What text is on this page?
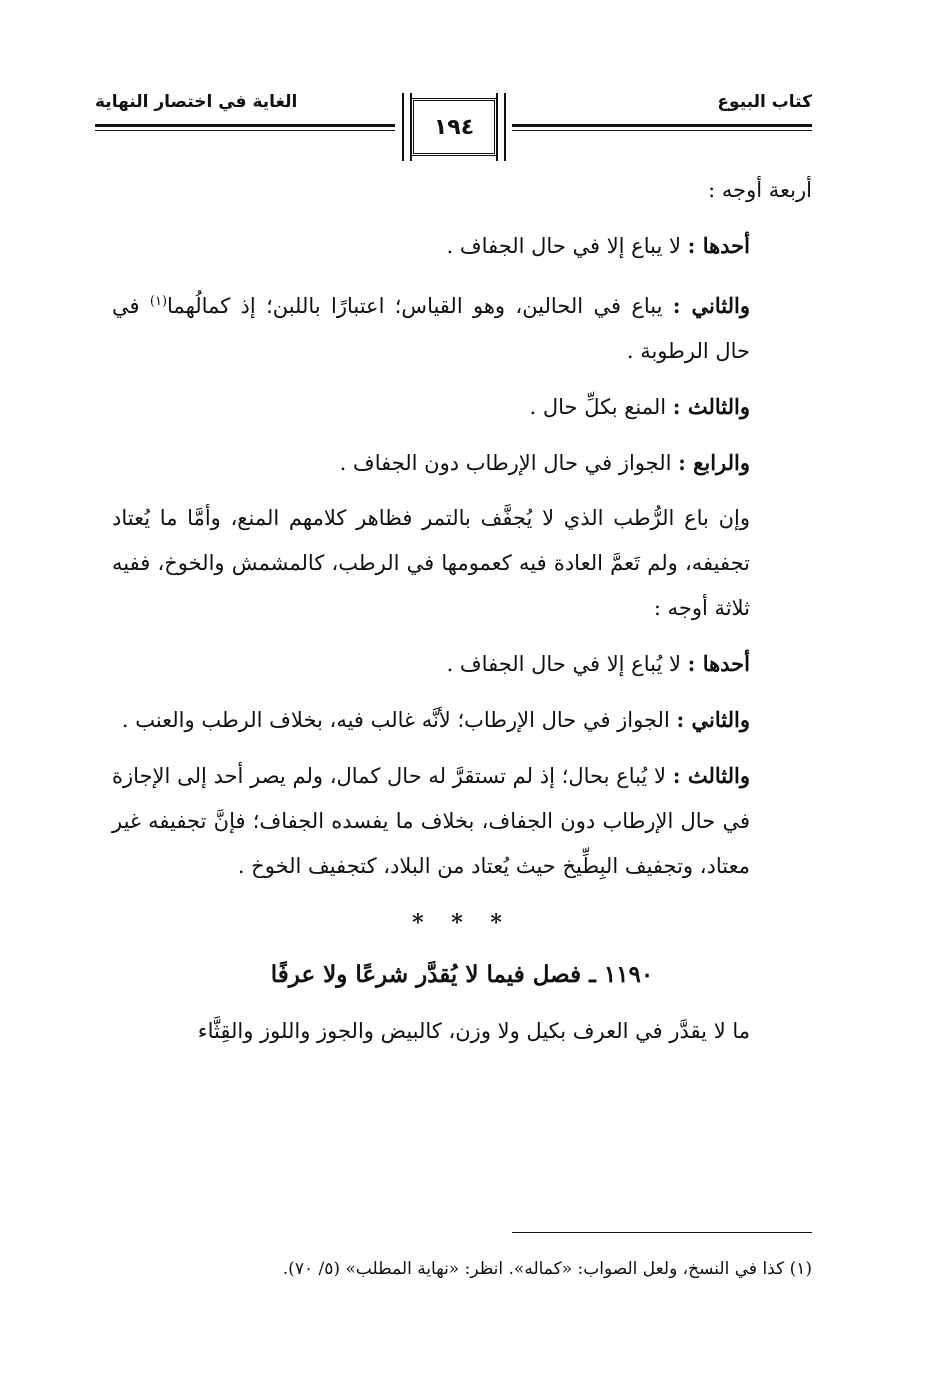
كتاب البيوع
١٩٤
الغاية في اختصار النهاية

أربعة أوجه :

أحدها : لا يباع إلا في حال الجفاف .

والثاني : يباع في الحالين، وهو القياس؛ اعتبارًا باللبن؛ إذ كمالُهما$^{(١)}$ في حال الرطوبة .

والثالث : المنع بكلِّ حال .

والرابع : الجواز في حال الإرطاب دون الجفاف .

وإن باع الرُّطب الذي لا يُجفَّف بالتمر فظاهر كلامهم المنع، وأمَّا ما يُعتاد تجفيفه، ولم تَعمَّ العادة فيه كعمومها في الرطب، كالمشمش والخوخ، ففيه ثلاثة أوجه :

أحدها : لا يُباع إلا في حال الجفاف .

والثاني : الجواز في حال الإرطاب؛ لأنَّه غالب فيه، بخلاف الرطب والعنب .

والثالث : لا يُباع بحال؛ إذ لم تستقرَّ له حال كمال، ولم يصر أحد إلى الإجازة في حال الإرطاب دون الجفاف، بخلاف ما يفسده الجفاف؛ فإنَّ تجفيفه غير معتاد، وتجفيف البِطِّيخ حيث يُعتاد من البلاد، كتجفيف الخوخ .

* * *
١١٩٠ ـ فصل فيما لا يُقدَّر شرعًا ولا عرفًا

ما لا يقدَّر في العرف بكيل ولا وزن، كالبيض والجوز واللوز والقِثَّاء

(١) كذا في النسخ، ولعل الصواب: «كماله». انظر: «نهاية المطلب» (٥/ ٧٠).
